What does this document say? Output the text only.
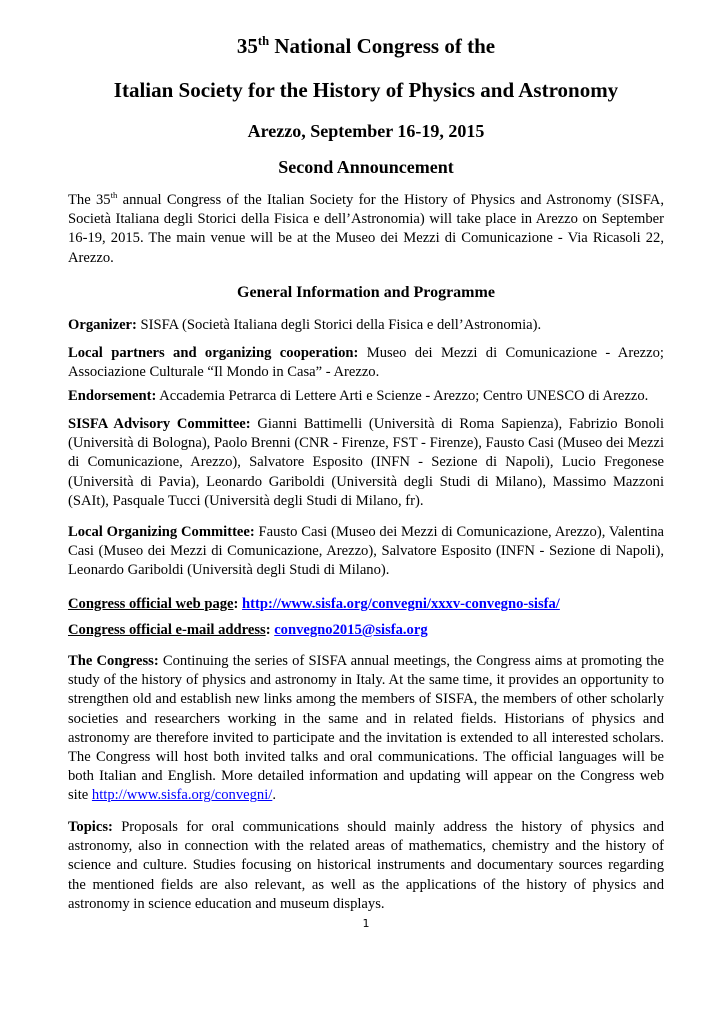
35th National Congress of the
Italian Society for the History of Physics and Astronomy
Arezzo, September 16-19, 2015
Second Announcement
The 35th annual Congress of the Italian Society for the History of Physics and Astronomy (SISFA, Società Italiana degli Storici della Fisica e dell’Astronomia) will take place in Arezzo on September 16-19, 2015. The main venue will be at the Museo dei Mezzi di Comunicazione - Via Ricasoli 22, Arezzo.
General Information and Programme
Organizer: SISFA (Società Italiana degli Storici della Fisica e dell’Astronomia).
Local partners and organizing cooperation: Museo dei Mezzi di Comunicazione - Arezzo; Associazione Culturale “Il Mondo in Casa” - Arezzo.
Endorsement: Accademia Petrarca di Lettere Arti e Scienze - Arezzo; Centro UNESCO di Arezzo.
SISFA Advisory Committee: Gianni Battimelli (Università di Roma Sapienza), Fabrizio Bonoli (Università di Bologna), Paolo Brenni (CNR - Firenze, FST - Firenze), Fausto Casi (Museo dei Mezzi di Comunicazione, Arezzo), Salvatore Esposito (INFN - Sezione di Napoli), Lucio Fregonese (Università di Pavia), Leonardo Gariboldi (Università degli Studi di Milano), Massimo Mazzoni (SAIt), Pasquale Tucci (Università degli Studi di Milano, fr).
Local Organizing Committee: Fausto Casi (Museo dei Mezzi di Comunicazione, Arezzo), Valentina Casi (Museo dei Mezzi di Comunicazione, Arezzo), Salvatore Esposito (INFN - Sezione di Napoli), Leonardo Gariboldi (Università degli Studi di Milano).
Congress official web page: http://www.sisfa.org/convegni/xxxv-convegno-sisfa/
Congress official e-mail address: convegno2015@sisfa.org
The Congress: Continuing the series of SISFA annual meetings, the Congress aims at promoting the study of the history of physics and astronomy in Italy. At the same time, it provides an opportunity to strengthen old and establish new links among the members of SISFA, the members of other scholarly societies and researchers working in the same and in related fields. Historians of physics and astronomy are therefore invited to participate and the invitation is extended to all interested scholars. The Congress will host both invited talks and oral communications. The official languages will be both Italian and English. More detailed information and updating will appear on the Congress web site http://www.sisfa.org/convegni/.
Topics: Proposals for oral communications should mainly address the history of physics and astronomy, also in connection with the related areas of mathematics, chemistry and the history of science and culture. Studies focusing on historical instruments and documentary sources regarding the mentioned fields are also relevant, as well as the applications of the history of physics and astronomy in science education and museum displays.
1
